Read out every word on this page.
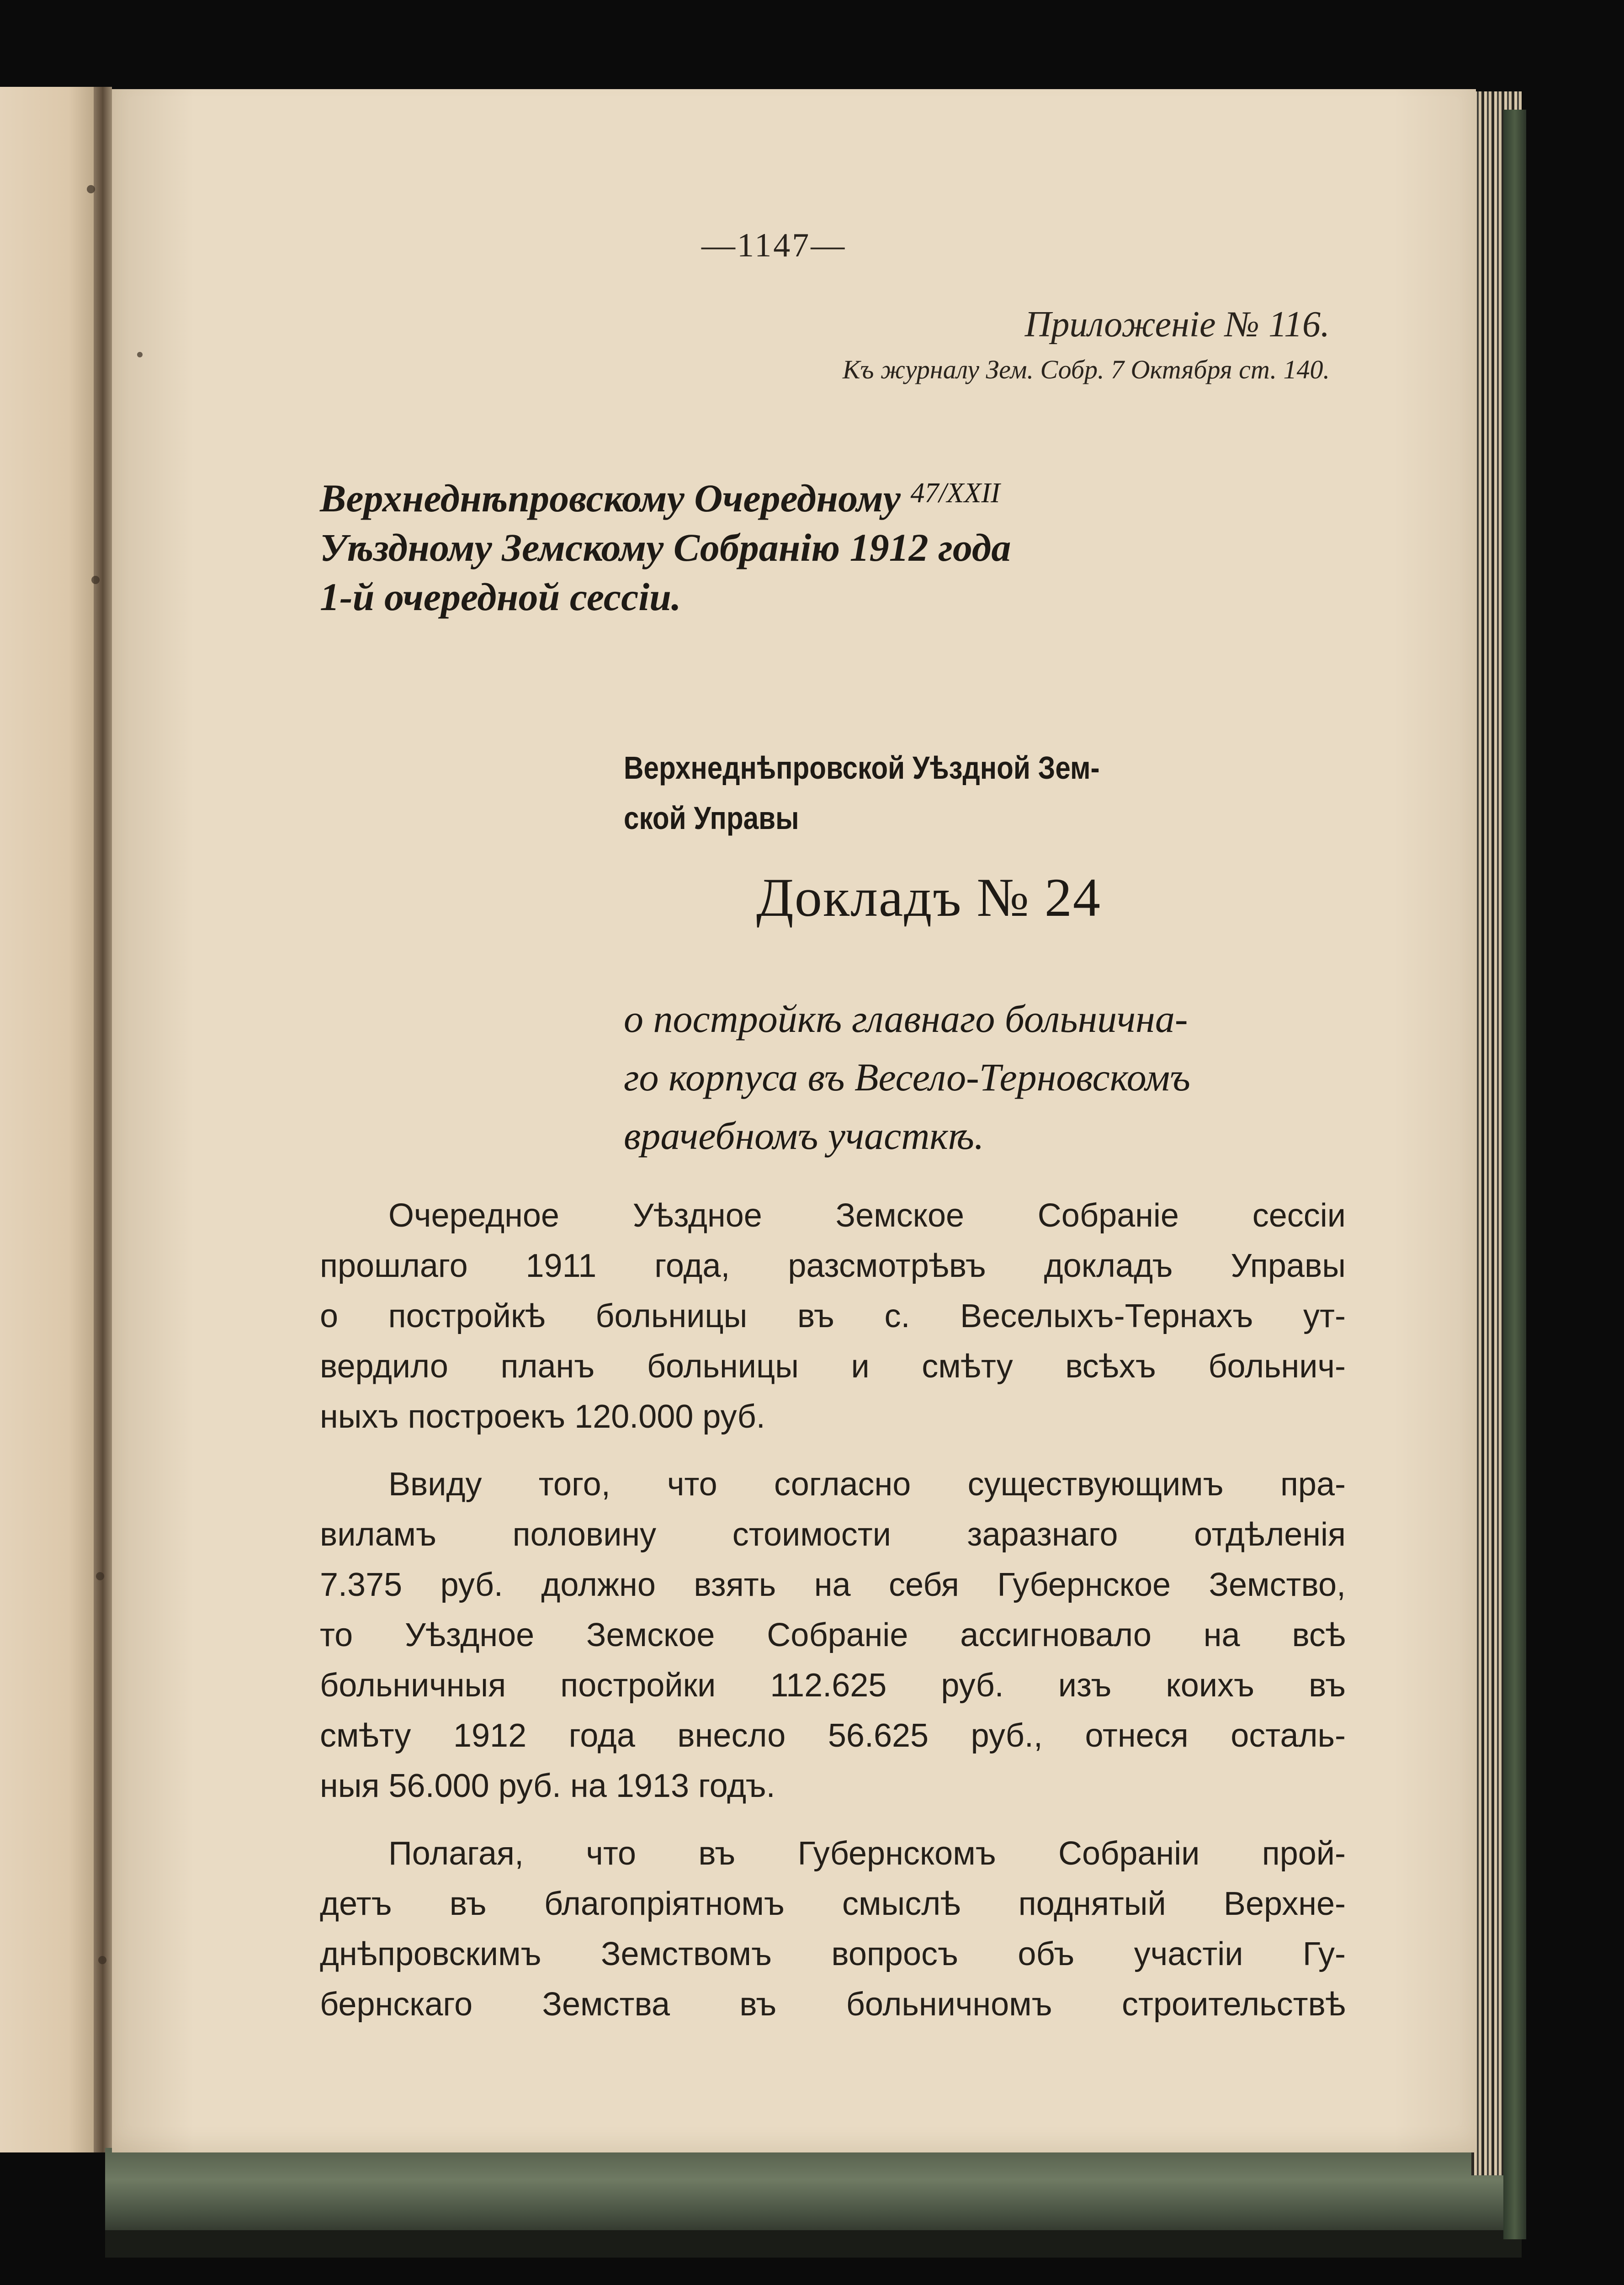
—1147—
Приложенiе № 116.
Къ журналу Зем. Собр. 7 Октября ст. 140.
Верхнеднѣпровскому Очередному $^{47/XXII}$
Уѣздному Земскому Собранiю 1912 года
1-й очередной сессiи.
Верхнеднѣпровской Уѣздной Зем-
ской Управы
Докладъ № 24
о постройкѣ главнаго больнична-
го корпуса въ Весело-Терновскомъ
врачебномъ участкѣ.
Очередное Уѣздное Земское Собранiе сессiи
прошлаго 1911 года, разсмотрѣвъ докладъ Управы
о постройкѣ больницы въ с. Веселыхъ-Тернахъ ут-
вердило планъ больницы и смѣту всѣхъ больнич-
ныхъ построекъ 120.000 руб.
Ввиду того, что согласно существующимъ пра-
виламъ половину стоимости заразнаго отдѣленiя
7.375 руб. должно взять на себя Губернское Земство,
то Уѣздное Земское Собранiе ассигновало на всѣ
больничныя постройки 112.625 руб. изъ коихъ въ
смѣту 1912 года внесло 56.625 руб., отнеся осталь-
ныя 56.000 руб. на 1913 годъ.
Полагая, что въ Губернскомъ Собранiи прой-
детъ въ благопрiятномъ смыслѣ поднятый Верхне-
днѣпровскимъ Земствомъ вопросъ объ участiи Гу-
бернскаго Земства въ больничномъ строительствѣ
